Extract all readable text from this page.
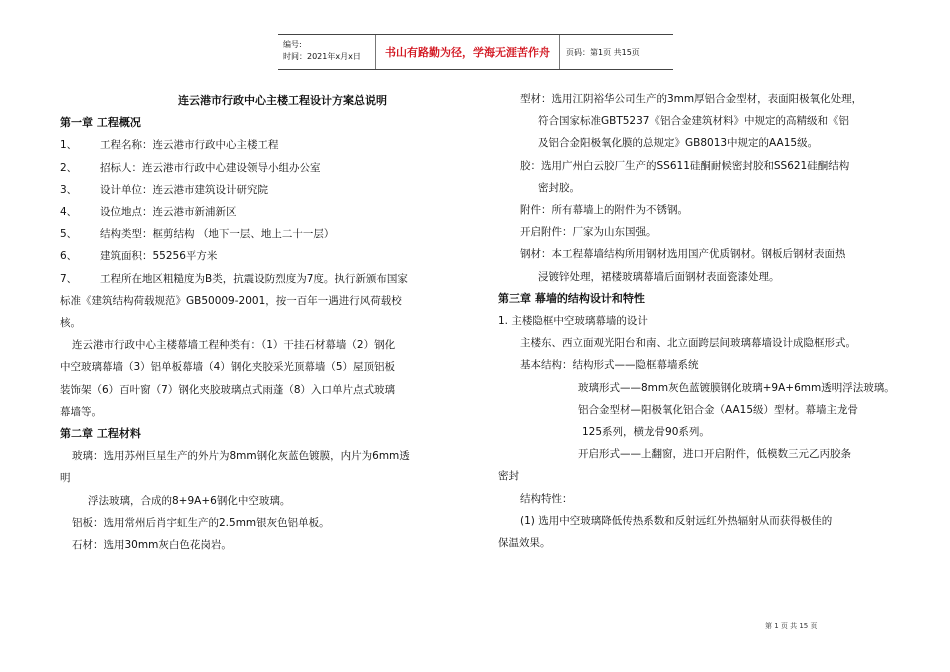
编号:
时间：2021年x月x日	书山有路勤为径，学海无涯苦作舟	页码：第1页 共15页
连云港市行政中心主楼工程设计方案总说明
第一章 工程概况
1、 工程名称：连云港市行政中心主楼工程
2、 招标人：连云港市行政中心建设领导小组办公室
3、 设计单位：连云港市建筑设计研究院
4、 设位地点：连云港市新浦新区
5、 结构类型：框剪结构 （地下一层、地上二十一层）
6、 建筑面积：55256平方米
7、 工程所在地区粗糙度为B类，抗震设防烈度为7度。执行新颁布国家
标准《建筑结构荷载规范》GB50009-2001，按一百年一遇进行风荷载校
核。
连云港市行政中心主楼幕墙工程种类有：（1）干挂石材幕墙（2）钢化
中空玻璃幕墙（3）铝单板幕墙（4）钢化夹胶采光顶幕墙（5）屋顶铝板
装饰架（6）百叶窗（7）钢化夹胶玻璃点式雨蓬（8）入口单片点式玻璃
幕墙等。
第二章 工程材料
玻璃：选用苏州巨星生产的外片为8mm钢化灰蓝色镀膜，内片为6mm透
明
浮法玻璃，合成的8+9A+6钢化中空玻璃。
铝板：选用常州后肖宇虹生产的2.5mm银灰色铝单板。
石材：选用30mm灰白色花岗岩。
型材：选用江阴裕华公司生产的3mm厚铝合金型材，表面阳极氧化处理，
符合国家标准GBT5237《铝合金建筑材料》中规定的高精级和《铝
及铝合金阳极氧化膜的总规定》GB8013中规定的AA15级。
胶：选用广州白云胶厂生产的SS611硅酮耐候密封胶和SS621硅酮结构
密封胶。
附件：所有幕墙上的附件为不锈钢。
开启附件：厂家为山东国强。
钢材：本工程幕墙结构所用钢材选用国产优质钢材。钢板后钢材表面热
浸镀锌处理，裙楼玻璃幕墙后面钢材表面瓷漆处理。
第三章 幕墙的结构设计和特性
1. 主楼隐框中空玻璃幕墙的设计
主楼东、西立面观光阳台和南、北立面跨层间玻璃幕墙设计成隐框形式。
基本结构：结构形式——隐框幕墙系统
玻璃形式——8mm灰色蓝镀膜钢化玻璃+9A+6mm透明浮法玻璃。
铝合金型材—阳极氧化铝合金（AA15级）型材。幕墙主龙骨
125系列，横龙骨90系列。
开启形式——上翻窗，进口开启附件，低模数三元乙丙胶条
密封
结构特性：
(1) 选用中空玻璃降低传热系数和反射远红外热辐射从而获得极佳的
保温效果。
第 1 页 共 15 页
